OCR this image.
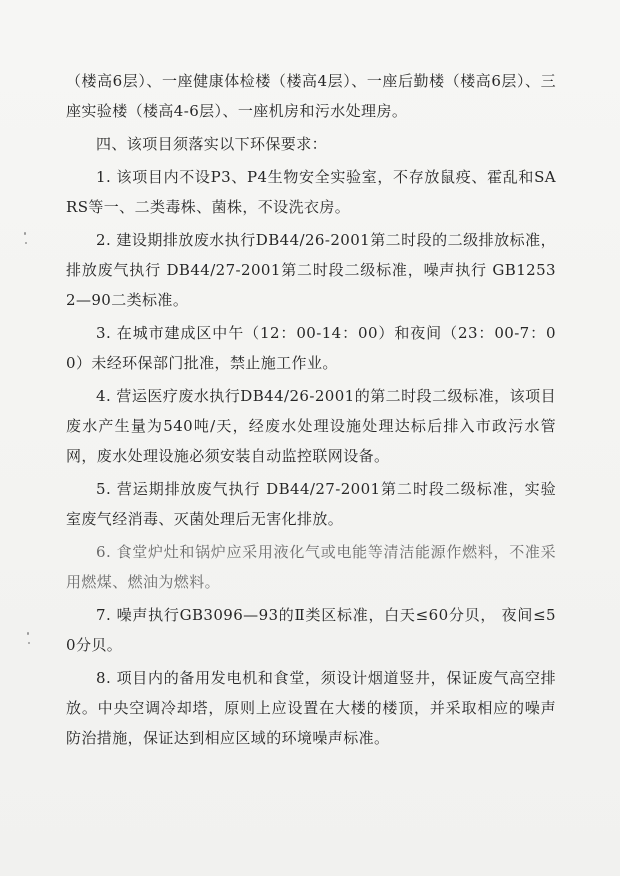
（楼高6层）、一座健康体检楼（楼高4层）、一座后勤楼（楼高6层）、三座实验楼（楼高4-6层）、一座机房和污水处理房。

四、该项目须落实以下环保要求：

1. 该项目内不设P3、P4生物安全实验室，不存放鼠疫、霍乱和SARS等一、二类毒株、菌株，不设洗衣房。

2. 建设期排放废水执行DB44/26-2001第二时段的二级排放标准，排放废气执行 DB44/27-2001第二时段二级标准，噪声执行 GB12532—90二类标准。

3. 在城市建成区中午（12：00-14：00）和夜间（23：00-7：00）未经环保部门批准，禁止施工作业。

4. 营运医疗废水执行DB44/26-2001的第二时段二级标准，该项目废水产生量为540吨/天，经废水处理设施处理达标后排入市政污水管网，废水处理设施必须安装自动监控联网设备。

5. 营运期排放废气执行 DB44/27-2001第二时段二级标准，实验室废气经消毒、灭菌处理后无害化排放。

6. 食堂炉灶和锅炉应采用液化气或电能等清洁能源作燃料，不准采用燃煤、燃油为燃料。

7. 噪声执行GB3096—93的Ⅱ类区标准，白天≤60分贝， 夜间≤50分贝。

8. 项目内的备用发电机和食堂，须设计烟道竖井，保证废气高空排放。中央空调冷却塔，原则上应设置在大楼的楼顶，并采取相应的噪声防治措施，保证达到相应区域的环境噪声标准。
